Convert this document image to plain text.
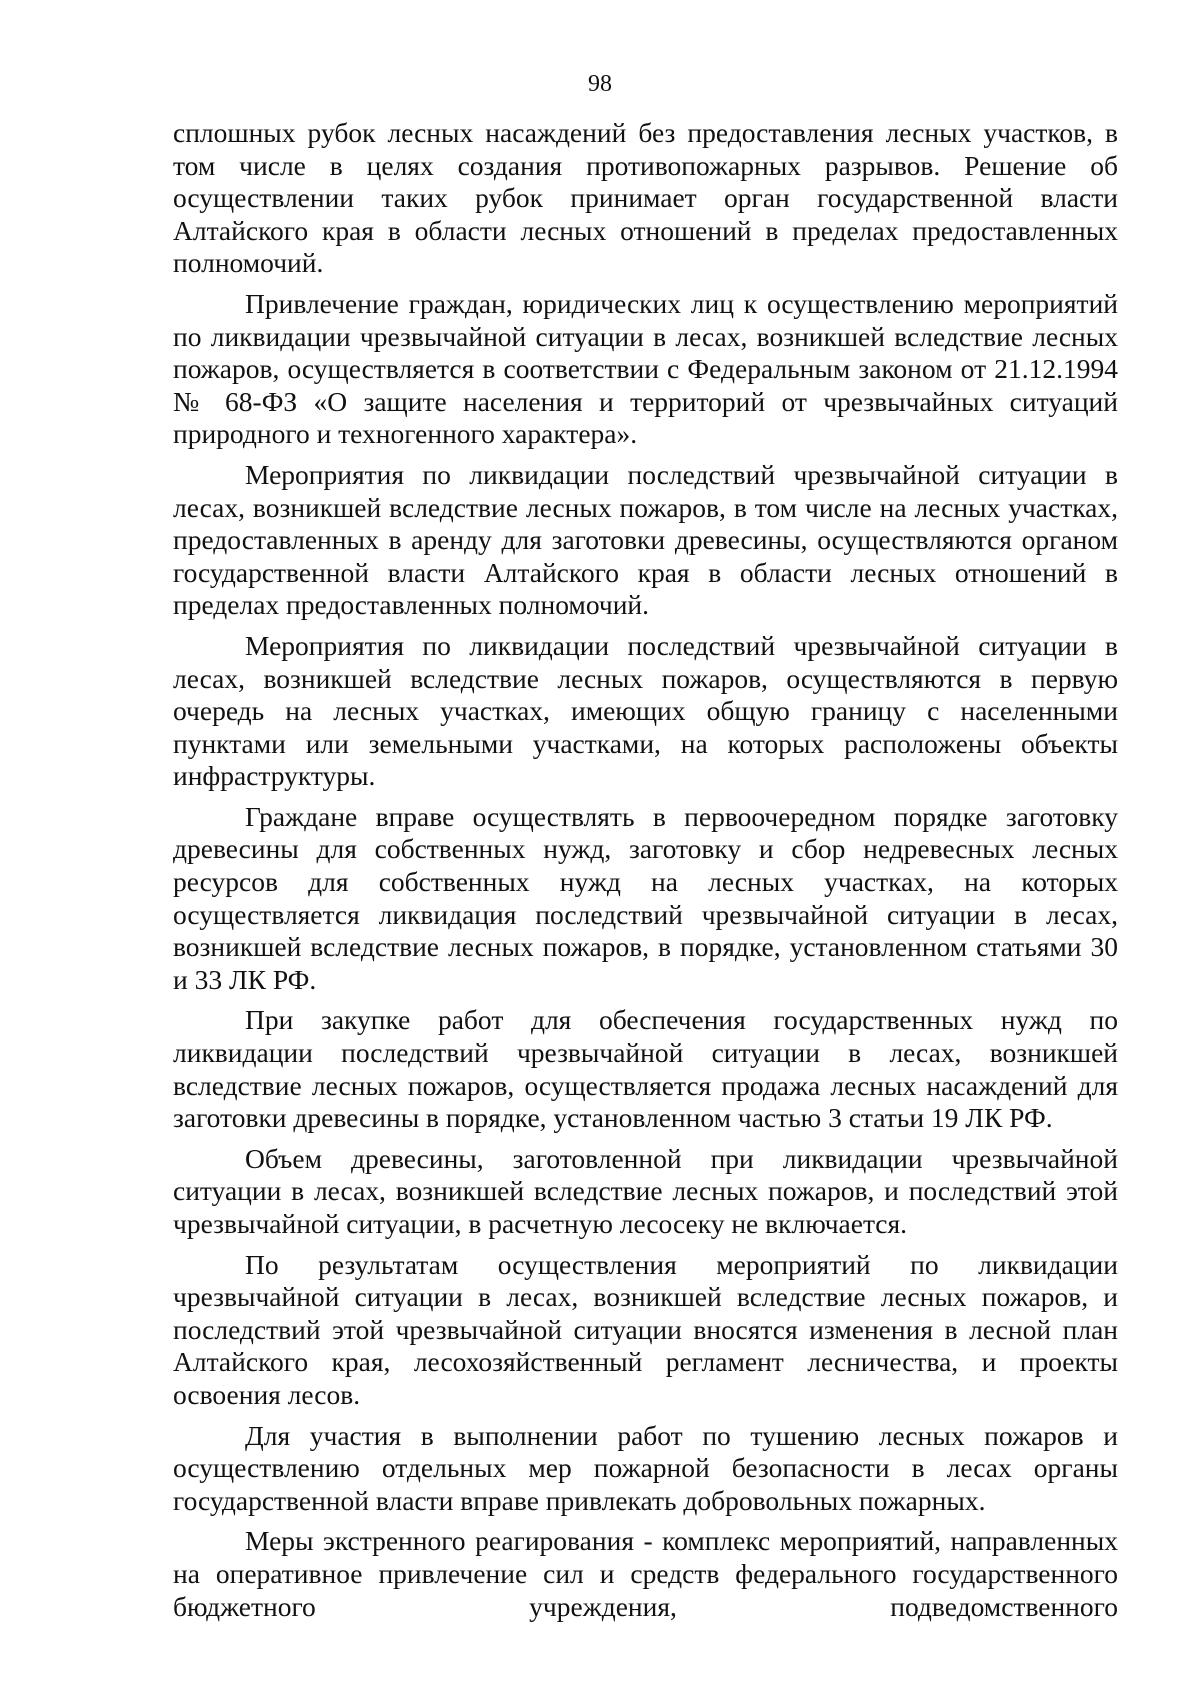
98

сплошных рубок лесных насаждений без предоставления лесных участков, в том числе в целях создания противопожарных разрывов. Решение об осуществлении таких рубок принимает орган государственной власти Алтайского края в области лесных отношений в пределах предоставленных полномочий.

Привлечение граждан, юридических лиц к осуществлению мероприятий по ликвидации чрезвычайной ситуации в лесах, возникшей вследствие лесных пожаров, осуществляется в соответствии с Федеральным законом от 21.12.1994 № 68-ФЗ «О защите населения и территорий от чрезвычайных ситуаций природного и техногенного характера».

Мероприятия по ликвидации последствий чрезвычайной ситуации в лесах, возникшей вследствие лесных пожаров, в том числе на лесных участках, предоставленных в аренду для заготовки древесины, осуществляются органом государственной власти Алтайского края в области лесных отношений в пределах предоставленных полномочий.

Мероприятия по ликвидации последствий чрезвычайной ситуации в лесах, возникшей вследствие лесных пожаров, осуществляются в первую очередь на лесных участках, имеющих общую границу с населенными пунктами или земельными участками, на которых расположены объекты инфраструктуры.

Граждане вправе осуществлять в первоочередном порядке заготовку древесины для собственных нужд, заготовку и сбор недревесных лесных ресурсов для собственных нужд на лесных участках, на которых осуществляется ликвидация последствий чрезвычайной ситуации в лесах, возникшей вследствие лесных пожаров, в порядке, установленном статьями 30 и 33 ЛК РФ.

При закупке работ для обеспечения государственных нужд по ликвидации последствий чрезвычайной ситуации в лесах, возникшей вследствие лесных пожаров, осуществляется продажа лесных насаждений для заготовки древесины в порядке, установленном частью 3 статьи 19 ЛК РФ.

Объем древесины, заготовленной при ликвидации чрезвычайной ситуации в лесах, возникшей вследствие лесных пожаров, и последствий этой чрезвычайной ситуации, в расчетную лесосеку не включается.

По результатам осуществления мероприятий по ликвидации чрезвычайной ситуации в лесах, возникшей вследствие лесных пожаров, и последствий этой чрезвычайной ситуации вносятся изменения в лесной план Алтайского края, лесохозяйственный регламент лесничества, и проекты освоения лесов.

Для участия в выполнении работ по тушению лесных пожаров и осуществлению отдельных мер пожарной безопасности в лесах органы государственной власти вправе привлекать добровольных пожарных.

Меры экстренного реагирования - комплекс мероприятий, направленных на оперативное привлечение сил и средств федерального государственного бюджетного учреждения, подведомственного
